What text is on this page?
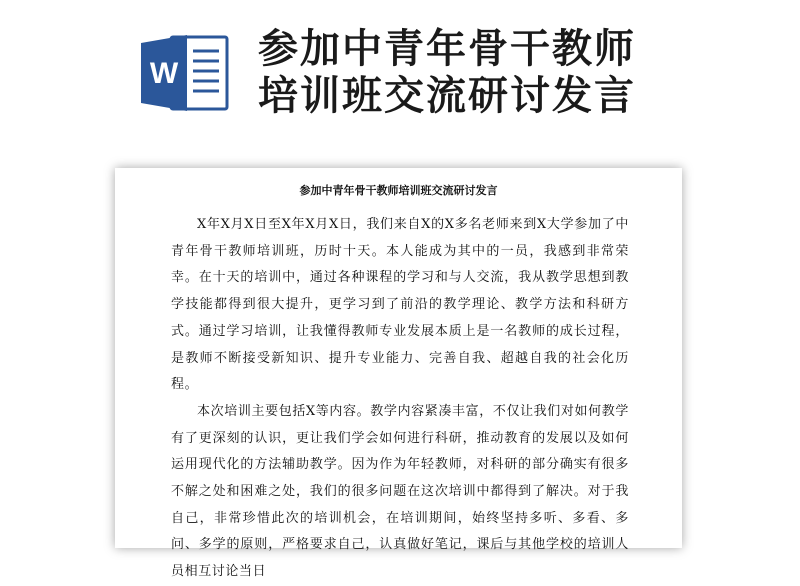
W
参加中青年骨干教师
培训班交流研讨发言
参加中青年骨干教师培训班交流研讨发言

X年X月X日至X年X月X日，我们来自X的X多名老师来到X大学参加了中青年骨干教师培训班，历时十天。本人能成为其中的一员，我感到非常荣幸。在十天的培训中，通过各种课程的学习和与人交流，我从教学思想到教学技能都得到很大提升，更学习到了前沿的教学理论、教学方法和科研方式。通过学习培训，让我懂得教师专业发展本质上是一名教师的成长过程，是教师不断接受新知识、提升专业能力、完善自我、超越自我的社会化历程。

本次培训主要包括X等内容。教学内容紧凑丰富，不仅让我们对如何教学有了更深刻的认识，更让我们学会如何进行科研，推动教育的发展以及如何运用现代化的方法辅助教学。因为作为年轻教师，对科研的部分确实有很多不解之处和困难之处，我们的很多问题在这次培训中都得到了解决。对于我自己，非常珍惜此次的培训机会，在培训期间，始终坚持多听、多看、多问、多学的原则，严格要求自己，认真做好笔记，课后与其他学校的培训人员相互讨论当日
